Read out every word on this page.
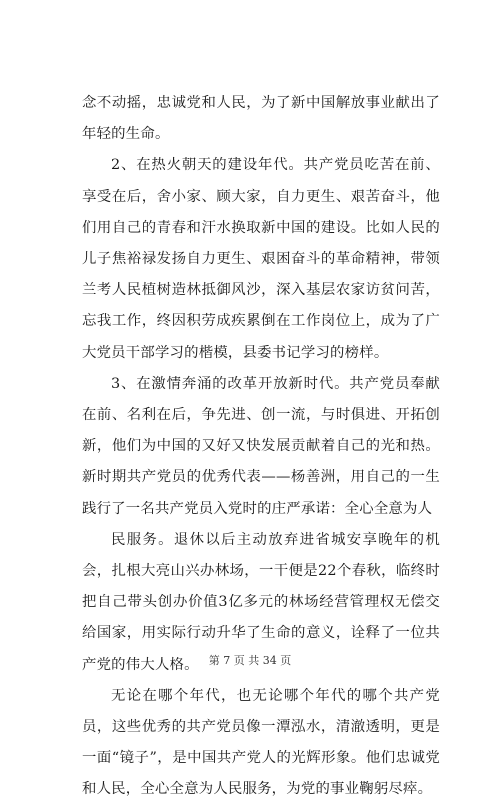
念不动摇，忠诚党和人民，为了新中国解放事业献出了年轻的生命。

2、在热火朝天的建设年代。共产党员吃苦在前、享受在后，舍小家、顾大家，自力更生、艰苦奋斗，他们用自己的青春和汗水换取新中国的建设。比如人民的儿子焦裕禄发扬自力更生、艰困奋斗的革命精神，带领兰考人民植树造林抵御风沙，深入基层农家访贫问苦，忘我工作，终因积劳成疾累倒在工作岗位上，成为了广大党员干部学习的楷模，县委书记学习的榜样。

3、在激情奔涌的改革开放新时代。共产党员奉献在前、名利在后，争先进、创一流，与时俱进、开拓创新，他们为中国的又好又快发展贡献着自己的光和热。新时期共产党员的优秀代表——杨善洲，用自己的一生践行了一名共产党员入党时的庄严承诺：全心全意为人

民服务。退休以后主动放弃进省城安享晚年的机会，扎根大亮山兴办林场，一干便是22个春秋，临终时把自己带头创办价值3亿多元的林场经营管理权无偿交给国家，用实际行动升华了生命的意义，诠释了一位共产党的伟大人格。

无论在哪个年代，也无论哪个年代的哪个共产党员，这些优秀的共产党员像一潭泓水，清澈透明，更是一面“镜子”，是中国共产党人的光辉形象。他们忠诚党和人民，全心全意为人民服务，为党的事业鞠躬尽瘁。

第 7 页 共 34 页
